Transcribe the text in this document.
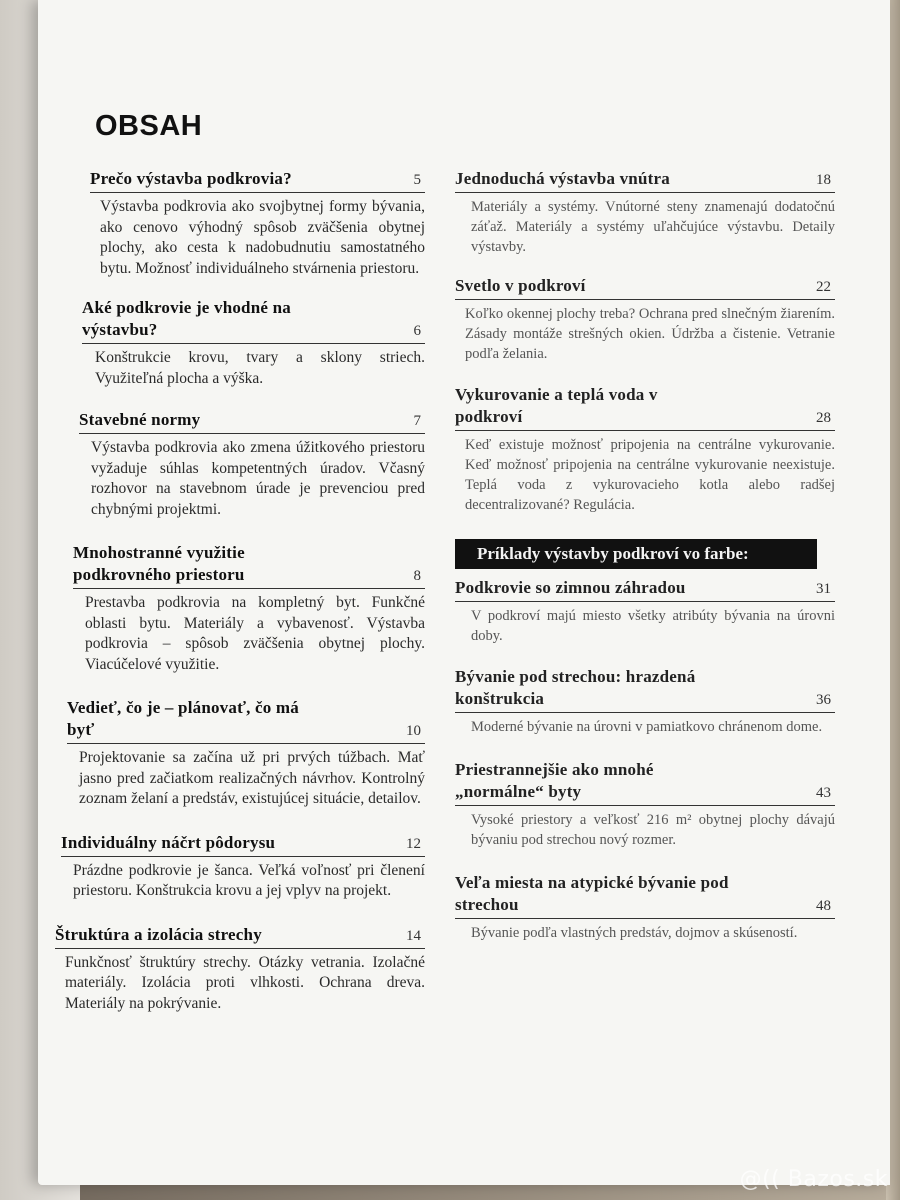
OBSAH
Prečo výstavba podkrovia?	5
Výstavba podkrovia ako svojbytnej formy bývania, ako cenovo výhodný spôsob zväčšenia obytnej plochy, ako cesta k nadobudnutiu samostatného bytu. Možnosť individuálneho stvárnenia priestoru.
Aké podkrovie je vhodné na výstavbu?	6
Konštrukcie krovu, tvary a sklony striech. Využiteľná plocha a výška.
Stavebné normy	7
Výstavba podkrovia ako zmena úžitkového priestoru vyžaduje súhlas kompetentných úradov. Včasný rozhovor na stavebnom úrade je prevenciou pred chybnými projektmi.
Mnohostranné využitie podkrovného priestoru	8
Prestavba podkrovia na kompletný byt. Funkčné oblasti bytu. Materiály a vybavenosť. Výstavba podkrovia – spôsob zväčšenia obytnej plochy. Viacúčelové využitie.
Vedieť, čo je – plánovať, čo má byť	10
Projektovanie sa začína už pri prvých túžbach. Mať jasno pred začiatkom realizačných návrhov. Kontrolný zoznam želaní a predstáv, existujúcej situácie, detailov.
Individuálny náčrt pôdorysu	12
Prázdne podkrovie je šanca. Veľká voľnosť pri členení priestoru. Konštrukcia krovu a jej vplyv na projekt.
Štruktúra a izolácia strechy	14
Funkčnosť štruktúry strechy. Otázky vetrania. Izolačné materiály. Izolácia proti vlhkosti. Ochrana dreva. Materiály na pokrývanie.
Jednoduchá výstavba vnútra	18
Materiály a systémy. Vnútorné steny znamenajú dodatočnú záťaž. Materiály a systémy uľahčujúce výstavbu. Detaily výstavby.
Svetlo v podkroví	22
Koľko okennej plochy treba? Ochrana pred slnečným žiarením. Zásady montáže strešných okien. Údržba a čistenie. Vetranie podľa želania.
Vykurovanie a teplá voda v podkroví	28
Keď existuje možnosť pripojenia na centrálne vykurovanie. Keď možnosť pripojenia na centrálne vykurovanie neexistuje. Teplá voda z vykurovacieho kotla alebo radšej decentralizované? Regulácia.
Príklady výstavby podkroví vo farbe:
Podkrovie so zimnou záhradou	31
V podkroví majú miesto všetky atribúty bývania na úrovni doby.
Bývanie pod strechou: hrazdená konštrukcia	36
Moderné bývanie na úrovni v pamiatkovo chránenom dome.
Priestrannejšie ako mnohé „normálne“ byty	43
Vysoké priestory a veľkosť 216 m² obytnej plochy dávajú bývaniu pod strechou nový rozmer.
Veľa miesta na atypické bývanie pod strechou	48
Bývanie podľa vlastných predstáv, dojmov a skúseností.
@(( Bazos.sk
